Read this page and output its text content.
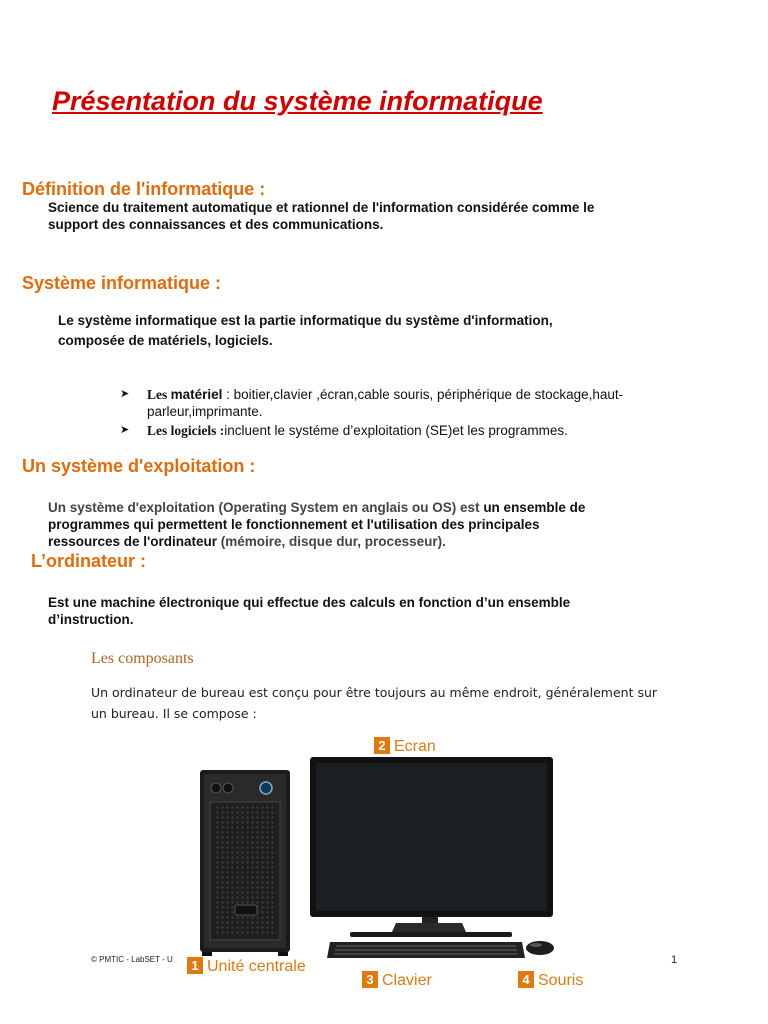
Présentation du système informatique
Définition de l'informatique :
Science du traitement automatique et rationnel de l'information considérée comme le
support des connaissances et des communications.
Système informatique :
Le système informatique est la partie informatique du système d'information,
composée de matériels, logiciels.
➤ Les matériel : boitier,clavier ,écran,cable souris, périphérique de stockage,haut-
parleur,imprimante.
➤ Les logiciels :incluent le systéme d’exploitation (SE)et les programmes.
Un système d'exploitation :
Un système d'exploitation (Operating System en anglais ou OS) est un ensemble de
programmes qui permettent le fonctionnement et l'utilisation des principales
ressources de l'ordinateur (mémoire, disque dur, processeur).
L’ordinateur :
Est une machine électronique qui effectue des calculs en fonction d’un ensemble
d’instruction.
Les composants
Un ordinateur de bureau est conçu pour être toujours au même endroit, généralement sur
un bureau. Il se compose :
2 Ecran
1 Unité centrale
3 Clavier	4 Souris
© PMTIC - LabSET - U	1
